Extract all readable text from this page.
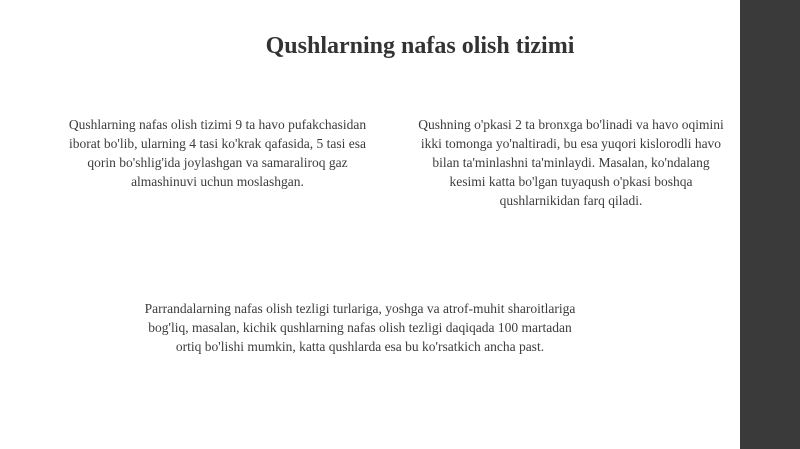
Qushlarning nafas olish tizimi
Qushlarning nafas olish tizimi 9 ta havo pufakchasidan iborat bo'lib, ularning 4 tasi ko'krak qafasida, 5 tasi esa qorin bo'shlig'ida joylashgan va samaraliroq gaz almashinuvi uchun moslashgan.
Qushning o'pkasi 2 ta bronxga bo'linadi va havo oqimini
ikki tomonga yo'naltiradi, bu esa yuqori kislorodli havo
bilan ta'minlashni ta'minlaydi. Masalan, ko'ndalang
kesimi katta bo'lgan tuyaqush o'pkasi boshqa
qushlarnikidan farq qiladi.
Parrandalarning nafas olish tezligi turlariga, yoshga va atrof-muhit sharoitlariga bog'liq, masalan, kichik qushlarning nafas olish tezligi daqiqada 100 martadan ortiq bo'lishi mumkin, katta qushlarda esa bu ko'rsatkich ancha past.
